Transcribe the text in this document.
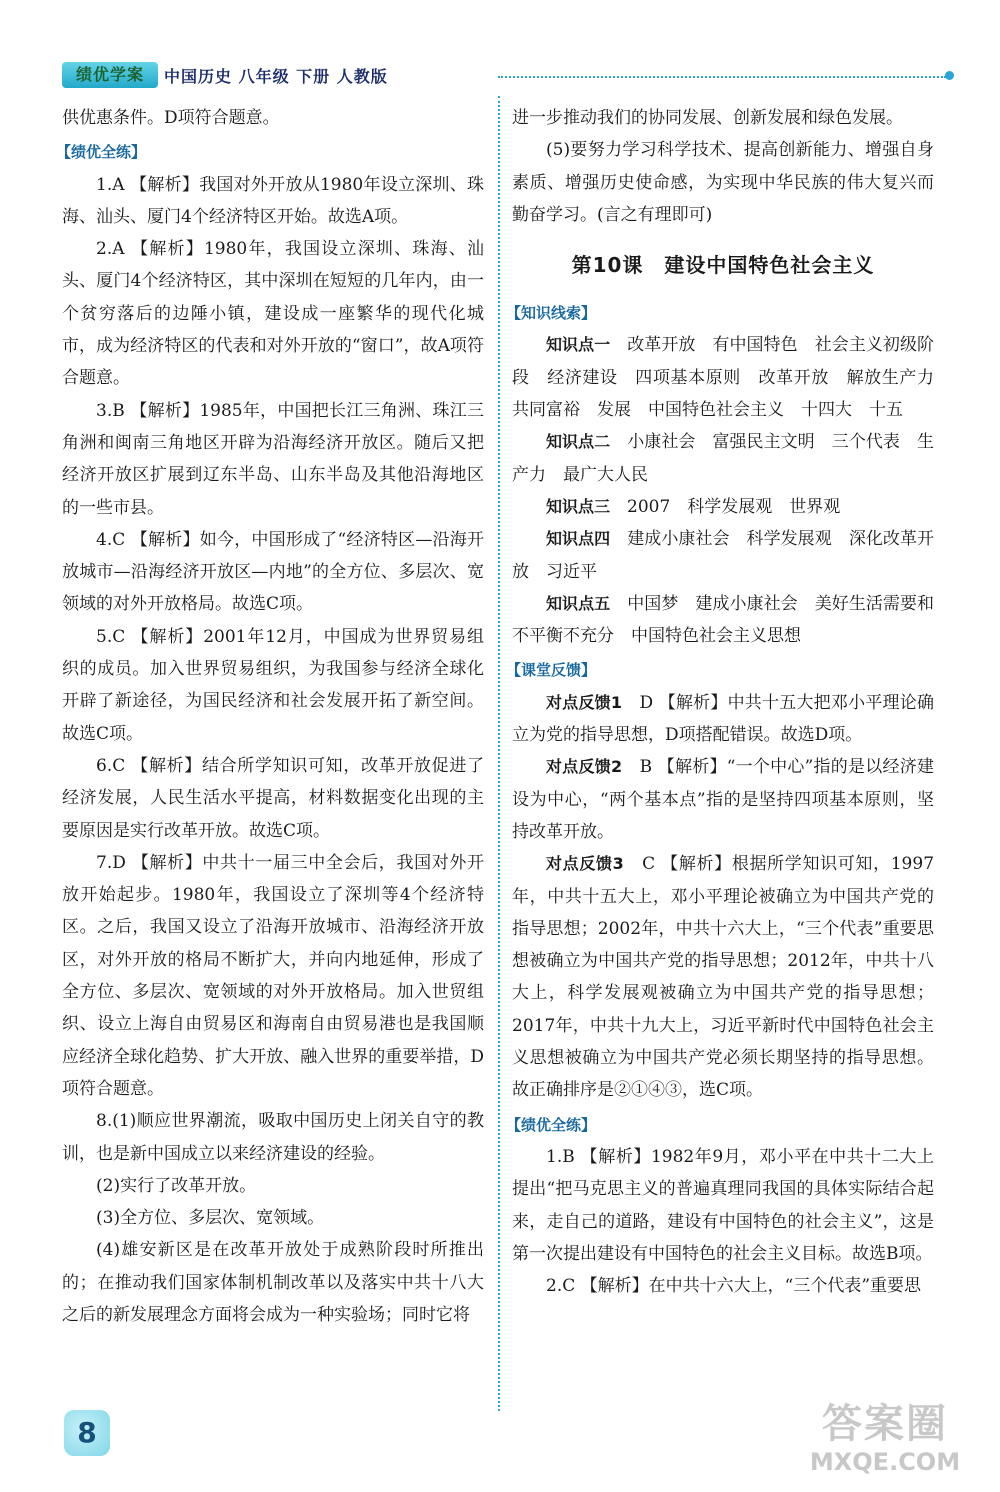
绩优学案	中国历史 八年级 下册 人教版

供优惠条件。D项符合题意。

【绩优全练】

1.A 【解析】我国对外开放从1980年设立深圳、珠海、汕头、厦门4个经济特区开始。故选A项。

2.A 【解析】1980年，我国设立深圳、珠海、汕头、厦门4个经济特区，其中深圳在短短的几年内，由一个贫穷落后的边陲小镇，建设成一座繁华的现代化城市，成为经济特区的代表和对外开放的“窗口”，故A项符合题意。

3.B 【解析】1985年，中国把长江三角洲、珠江三角洲和闽南三角地区开辟为沿海经济开放区。随后又把经济开放区扩展到辽东半岛、山东半岛及其他沿海地区的一些市县。

4.C 【解析】如今，中国形成了“经济特区—沿海开放城市—沿海经济开放区—内地”的全方位、多层次、宽领域的对外开放格局。故选C项。

5.C 【解析】2001年12月，中国成为世界贸易组织的成员。加入世界贸易组织，为我国参与经济全球化开辟了新途径，为国民经济和社会发展开拓了新空间。故选C项。

6.C 【解析】结合所学知识可知，改革开放促进了经济发展，人民生活水平提高，材料数据变化出现的主要原因是实行改革开放。故选C项。

7.D 【解析】中共十一届三中全会后，我国对外开放开始起步。1980年，我国设立了深圳等4个经济特区。之后，我国又设立了沿海开放城市、沿海经济开放区，对外开放的格局不断扩大，并向内地延伸，形成了全方位、多层次、宽领域的对外开放格局。加入世贸组织、设立上海自由贸易区和海南自由贸易港也是我国顺应经济全球化趋势、扩大开放、融入世界的重要举措，D项符合题意。

8.(1)顺应世界潮流，吸取中国历史上闭关自守的教训，也是新中国成立以来经济建设的经验。

(2)实行了改革开放。

(3)全方位、多层次、宽领域。

(4)雄安新区是在改革开放处于成熟阶段时所推出的；在推动我们国家体制机制改革以及落实中共十八大之后的新发展理念方面将会成为一种实验场；同时它将

进一步推动我们的协同发展、创新发展和绿色发展。

(5)要努力学习科学技术、提高创新能力、增强自身素质、增强历史使命感，为实现中华民族的伟大复兴而勤奋学习。(言之有理即可)

第10课　建设中国特色社会主义
【知识线索】

知识点一　 改革开放　有中国特色　社会主义初级阶段　经济建设　四项基本原则　改革开放　解放生产力　共同富裕　发展　中国特色社会主义　十四大　十五

知识点二　 小康社会　富强民主文明　三个代表　生产力　最广大人民

知识点三　 2007　科学发展观　世界观

知识点四　 建成小康社会　科学发展观　深化改革开放　习近平

知识点五　 中国梦　建成小康社会　美好生活需要和不平衡不充分　中国特色社会主义思想

【课堂反馈】

对点反馈1　 D 【解析】中共十五大把邓小平理论确立为党的指导思想，D项搭配错误。故选D项。

对点反馈2　 B 【解析】“一个中心”指的是以经济建设为中心，“两个基本点”指的是坚持四项基本原则，坚持改革开放。

对点反馈3　 C 【解析】根据所学知识可知，1997年，中共十五大上，邓小平理论被确立为中国共产党的指导思想；2002年，中共十六大上，“三个代表”重要思想被确立为中国共产党的指导思想；2012年，中共十八大上，科学发展观被确立为中国共产党的指导思想；2017年，中共十九大上，习近平新时代中国特色社会主义思想被确立为中国共产党必须长期坚持的指导思想。故正确排序是②①④③，选C项。

【绩优全练】

1.B 【解析】1982年9月，邓小平在中共十二大上提出“把马克思主义的普遍真理同我国的具体实际结合起来，走自己的道路，建设有中国特色的社会主义”，这是第一次提出建设有中国特色的社会主义目标。故选B项。

2.C 【解析】在中共十六大上，“三个代表”重要思

8	答案圈
MXQE.COM
